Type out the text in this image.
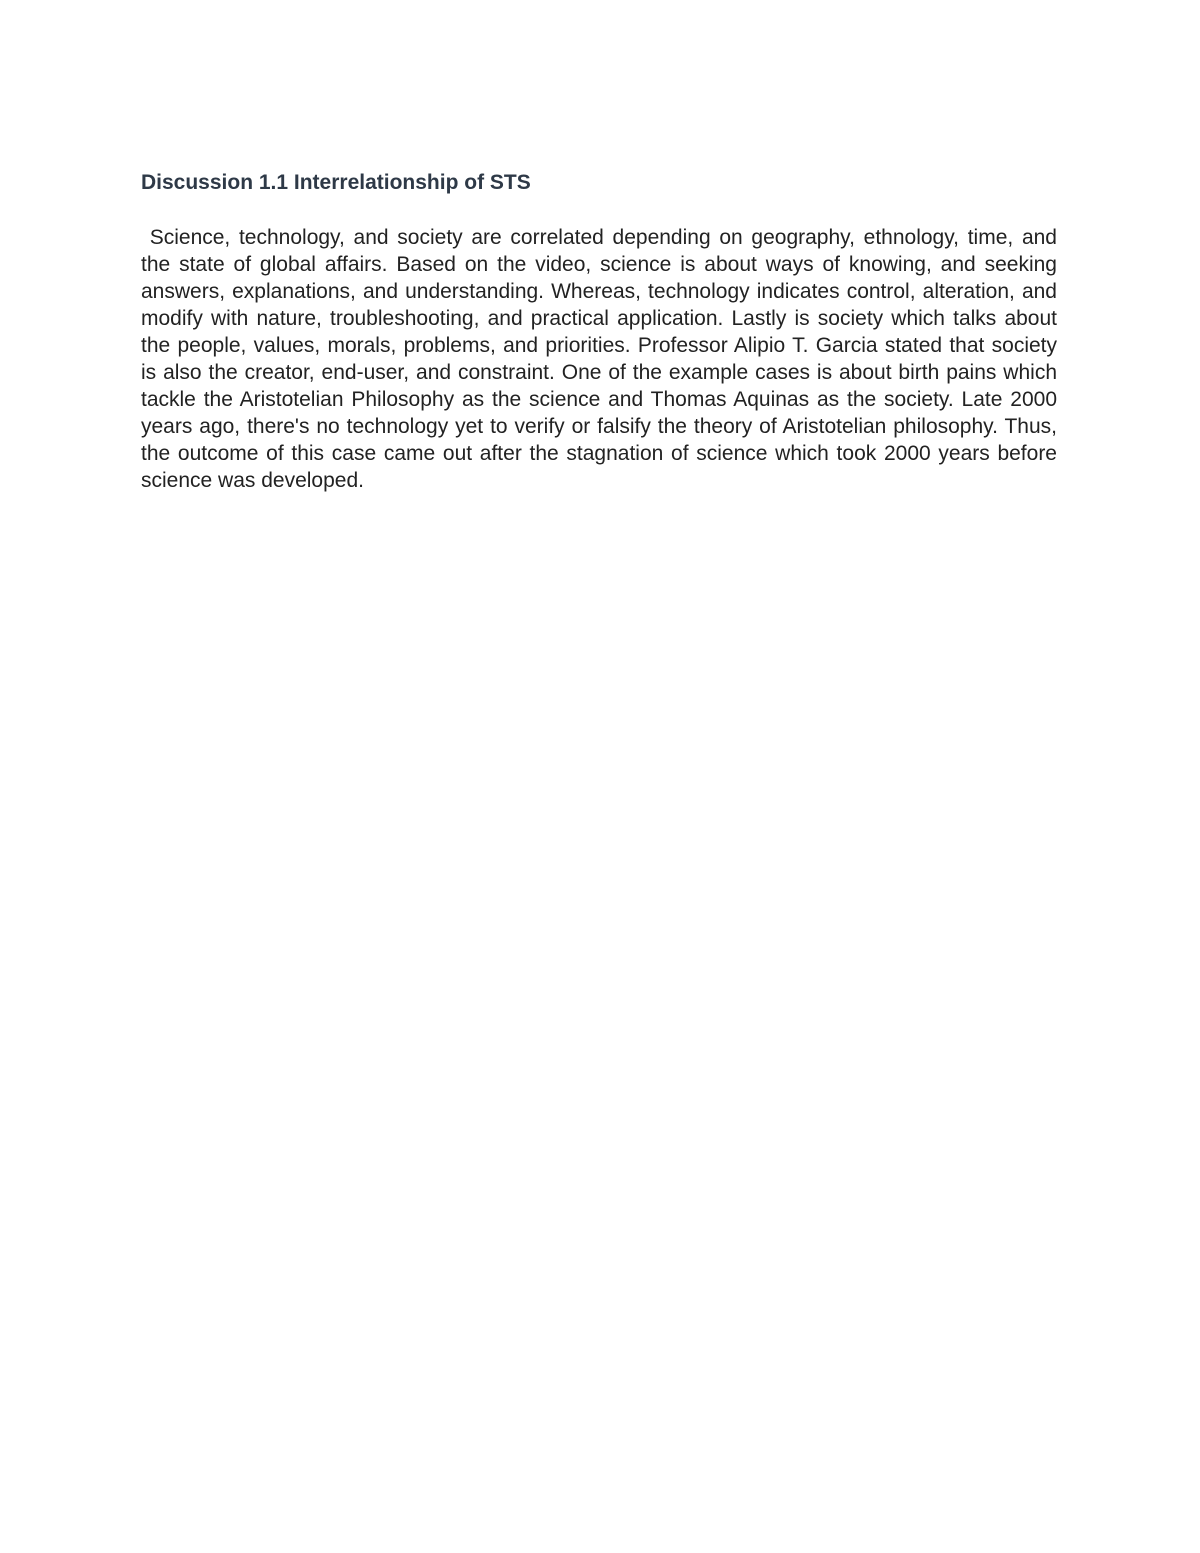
Discussion 1.1 Interrelationship of STS

Science, technology, and society are correlated depending on geography, ethnology, time, and the state of global affairs. Based on the video, science is about ways of knowing, and seeking answers, explanations, and understanding. Whereas, technology indicates control, alteration, and modify with nature, troubleshooting, and practical application. Lastly is society which talks about the people, values, morals, problems, and priorities. Professor Alipio T. Garcia stated that society is also the creator, end-user, and constraint. One of the example cases is about birth pains which tackle the Aristotelian Philosophy as the science and Thomas Aquinas as the society. Late 2000 years ago, there's no technology yet to verify or falsify the theory of Aristotelian philosophy. Thus, the outcome of this case came out after the stagnation of science which took 2000 years before science was developed.
